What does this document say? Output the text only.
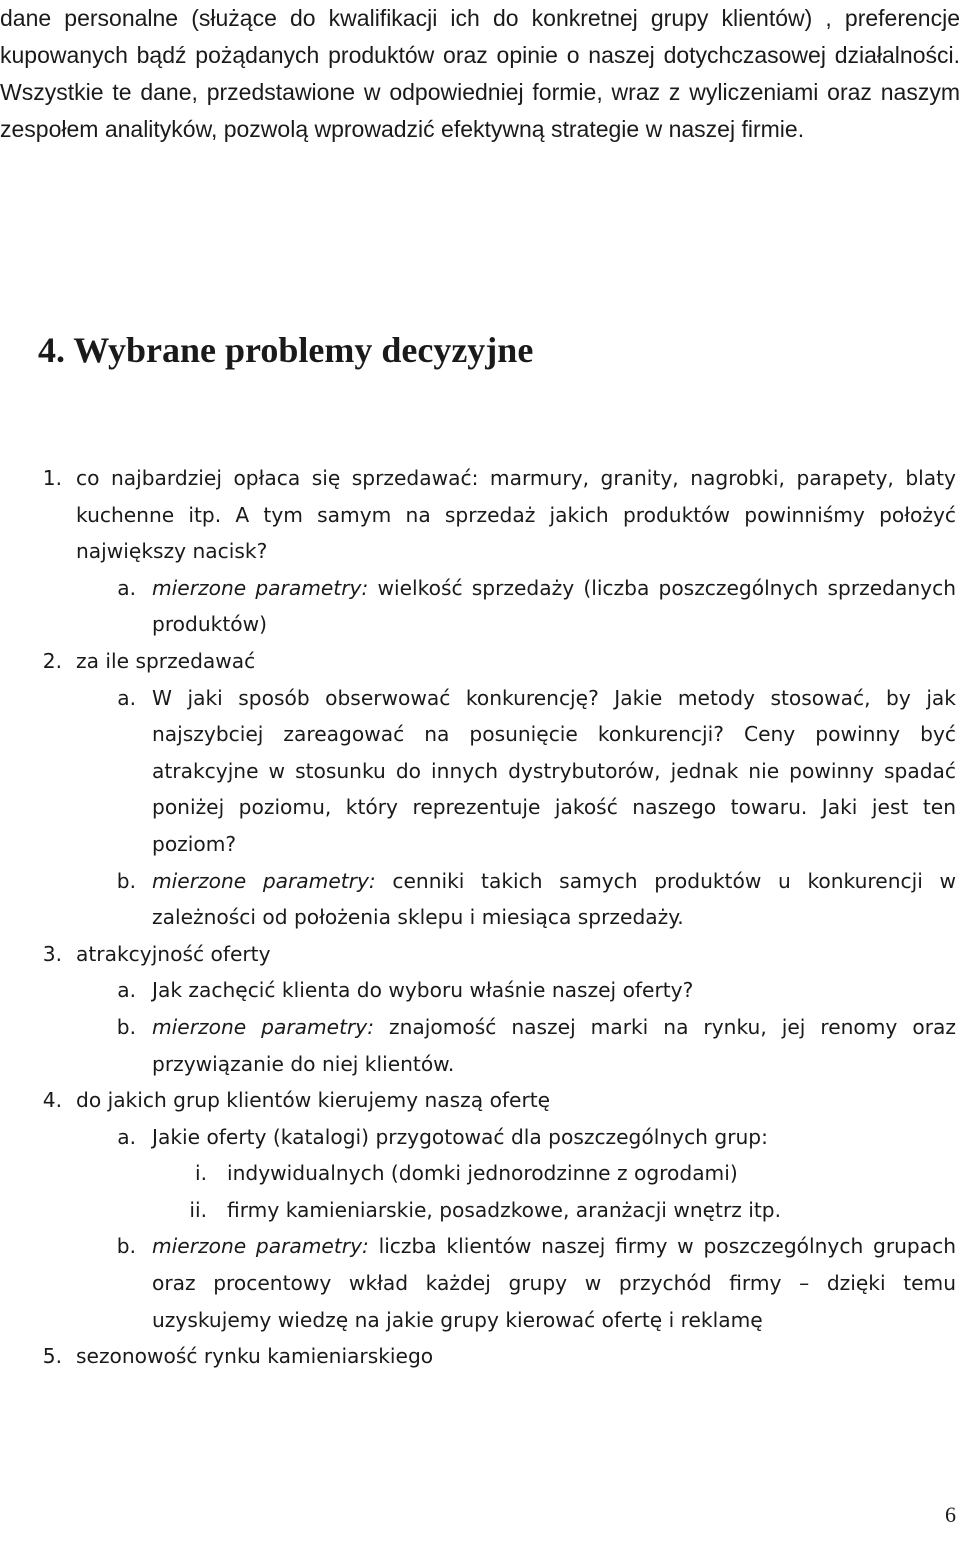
dane personalne (służące do kwalifikacji ich do konkretnej grupy klientów) , preferencje kupowanych bądź pożądanych produktów oraz opinie o naszej dotychczasowej działalności. Wszystkie te dane, przedstawione w odpowiedniej formie, wraz z wyliczeniami oraz naszym zespołem analityków, pozwolą wprowadzić efektywną strategie w naszej firmie.

4. Wybrane problemy decyzyjne
1. co najbardziej opłaca się sprzedawać: marmury, granity, nagrobki, parapety, blaty kuchenne itp. A tym samym na sprzedaż jakich produktów powinniśmy położyć największy nacisk?
a. mierzone parametry: wielkość sprzedaży (liczba poszczególnych sprzedanych produktów)
2. za ile sprzedawać
a. W jaki sposób obserwować konkurencję? Jakie metody stosować, by jak najszybciej zareagować na posunięcie konkurencji? Ceny powinny być atrakcyjne w stosunku do innych dystrybutorów, jednak nie powinny spadać poniżej poziomu, który reprezentuje jakość naszego towaru. Jaki jest ten poziom?
b. mierzone parametry: cenniki takich samych produktów u konkurencji w zależności od położenia sklepu i miesiąca sprzedaży.
3. atrakcyjność oferty
a. Jak zachęcić klienta do wyboru właśnie naszej oferty?
b. mierzone parametry: znajomość naszej marki na rynku, jej renomy oraz przywiązanie do niej klientów.
4. do jakich grup klientów kierujemy naszą ofertę
a. Jakie oferty (katalogi) przygotować dla poszczególnych grup:
i. indywidualnych (domki jednorodzinne z ogrodami)
ii. firmy kamieniarskie, posadzkowe, aranżacji wnętrz itp.
b. mierzone parametry: liczba klientów naszej firmy w poszczególnych grupach oraz procentowy wkład każdej grupy w przychód firmy – dzięki temu uzyskujemy wiedzę na jakie grupy kierować ofertę i reklamę
5. sezonowość rynku kamieniarskiego
6
